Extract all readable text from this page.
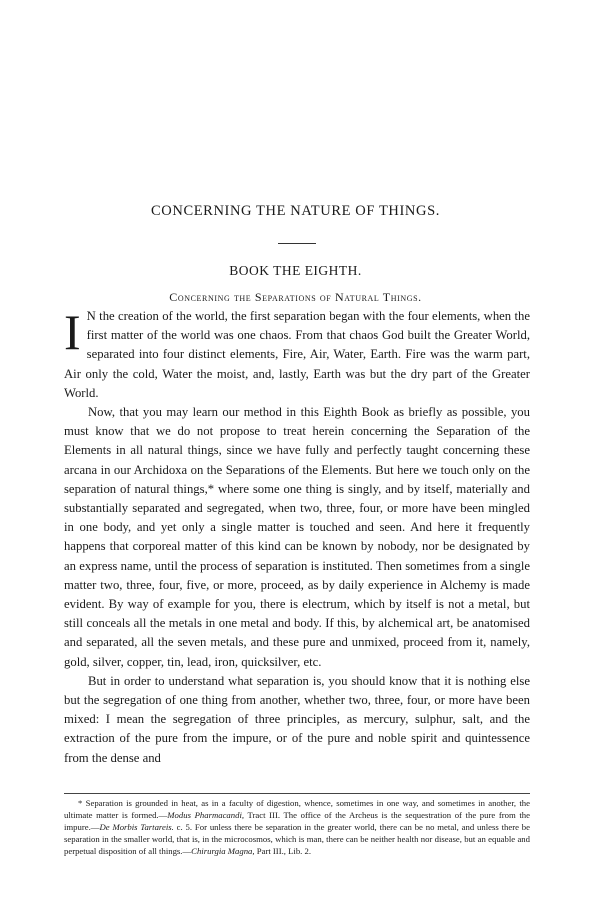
CONCERNING THE NATURE OF THINGS.
BOOK THE EIGHTH.
Concerning the Separations of Natural Things.

I N the creation of the world, the first separation began with the four elements, when the first matter of the world was one chaos. From that chaos God built the Greater World, separated into four distinct elements, Fire, Air, Water, Earth. Fire was the warm part, Air only the cold, Water the moist, and, lastly, Earth was but the dry part of the Greater World.

Now, that you may learn our method in this Eighth Book as briefly as possible, you must know that we do not propose to treat herein concerning the Separation of the Elements in all natural things, since we have fully and perfectly taught concerning these arcana in our Archidoxa on the Separations of the Elements. But here we touch only on the separation of natural things,* where some one thing is singly, and by itself, materially and substantially separated and segregated, when two, three, four, or more have been mingled in one body, and yet only a single matter is touched and seen. And here it frequently happens that corporeal matter of this kind can be known by nobody, nor be designated by an express name, until the process of separation is instituted. Then sometimes from a single matter two, three, four, five, or more, proceed, as by daily experience in Alchemy is made evident. By way of example for you, there is electrum, which by itself is not a metal, but still conceals all the metals in one metal and body. If this, by alchemical art, be anatomised and separated, all the seven metals, and these pure and unmixed, proceed from it, namely, gold, silver, copper, tin, lead, iron, quicksilver, etc.

But in order to understand what separation is, you should know that it is nothing else but the segregation of one thing from another, whether two, three, four, or more have been mixed: I mean the segregation of three principles, as mercury, sulphur, salt, and the extraction of the pure from the impure, or of the pure and noble spirit and quintessence from the dense and

* Separation is grounded in heat, as in a faculty of digestion, whence, sometimes in one way, and sometimes in another, the ultimate matter is formed.—Modus Pharmacandi, Tract III. The office of the Archeus is the sequestration of the pure from the impure.—De Morbis Tartareis. c. 5. For unless there be separation in the greater world, there can be no metal, and unless there be separation in the smaller world, that is, in the microcosmos, which is man, there can be neither health nor disease, but an equable and perpetual disposition of all things.—Chirurgia Magna, Part III., Lib. 2.
